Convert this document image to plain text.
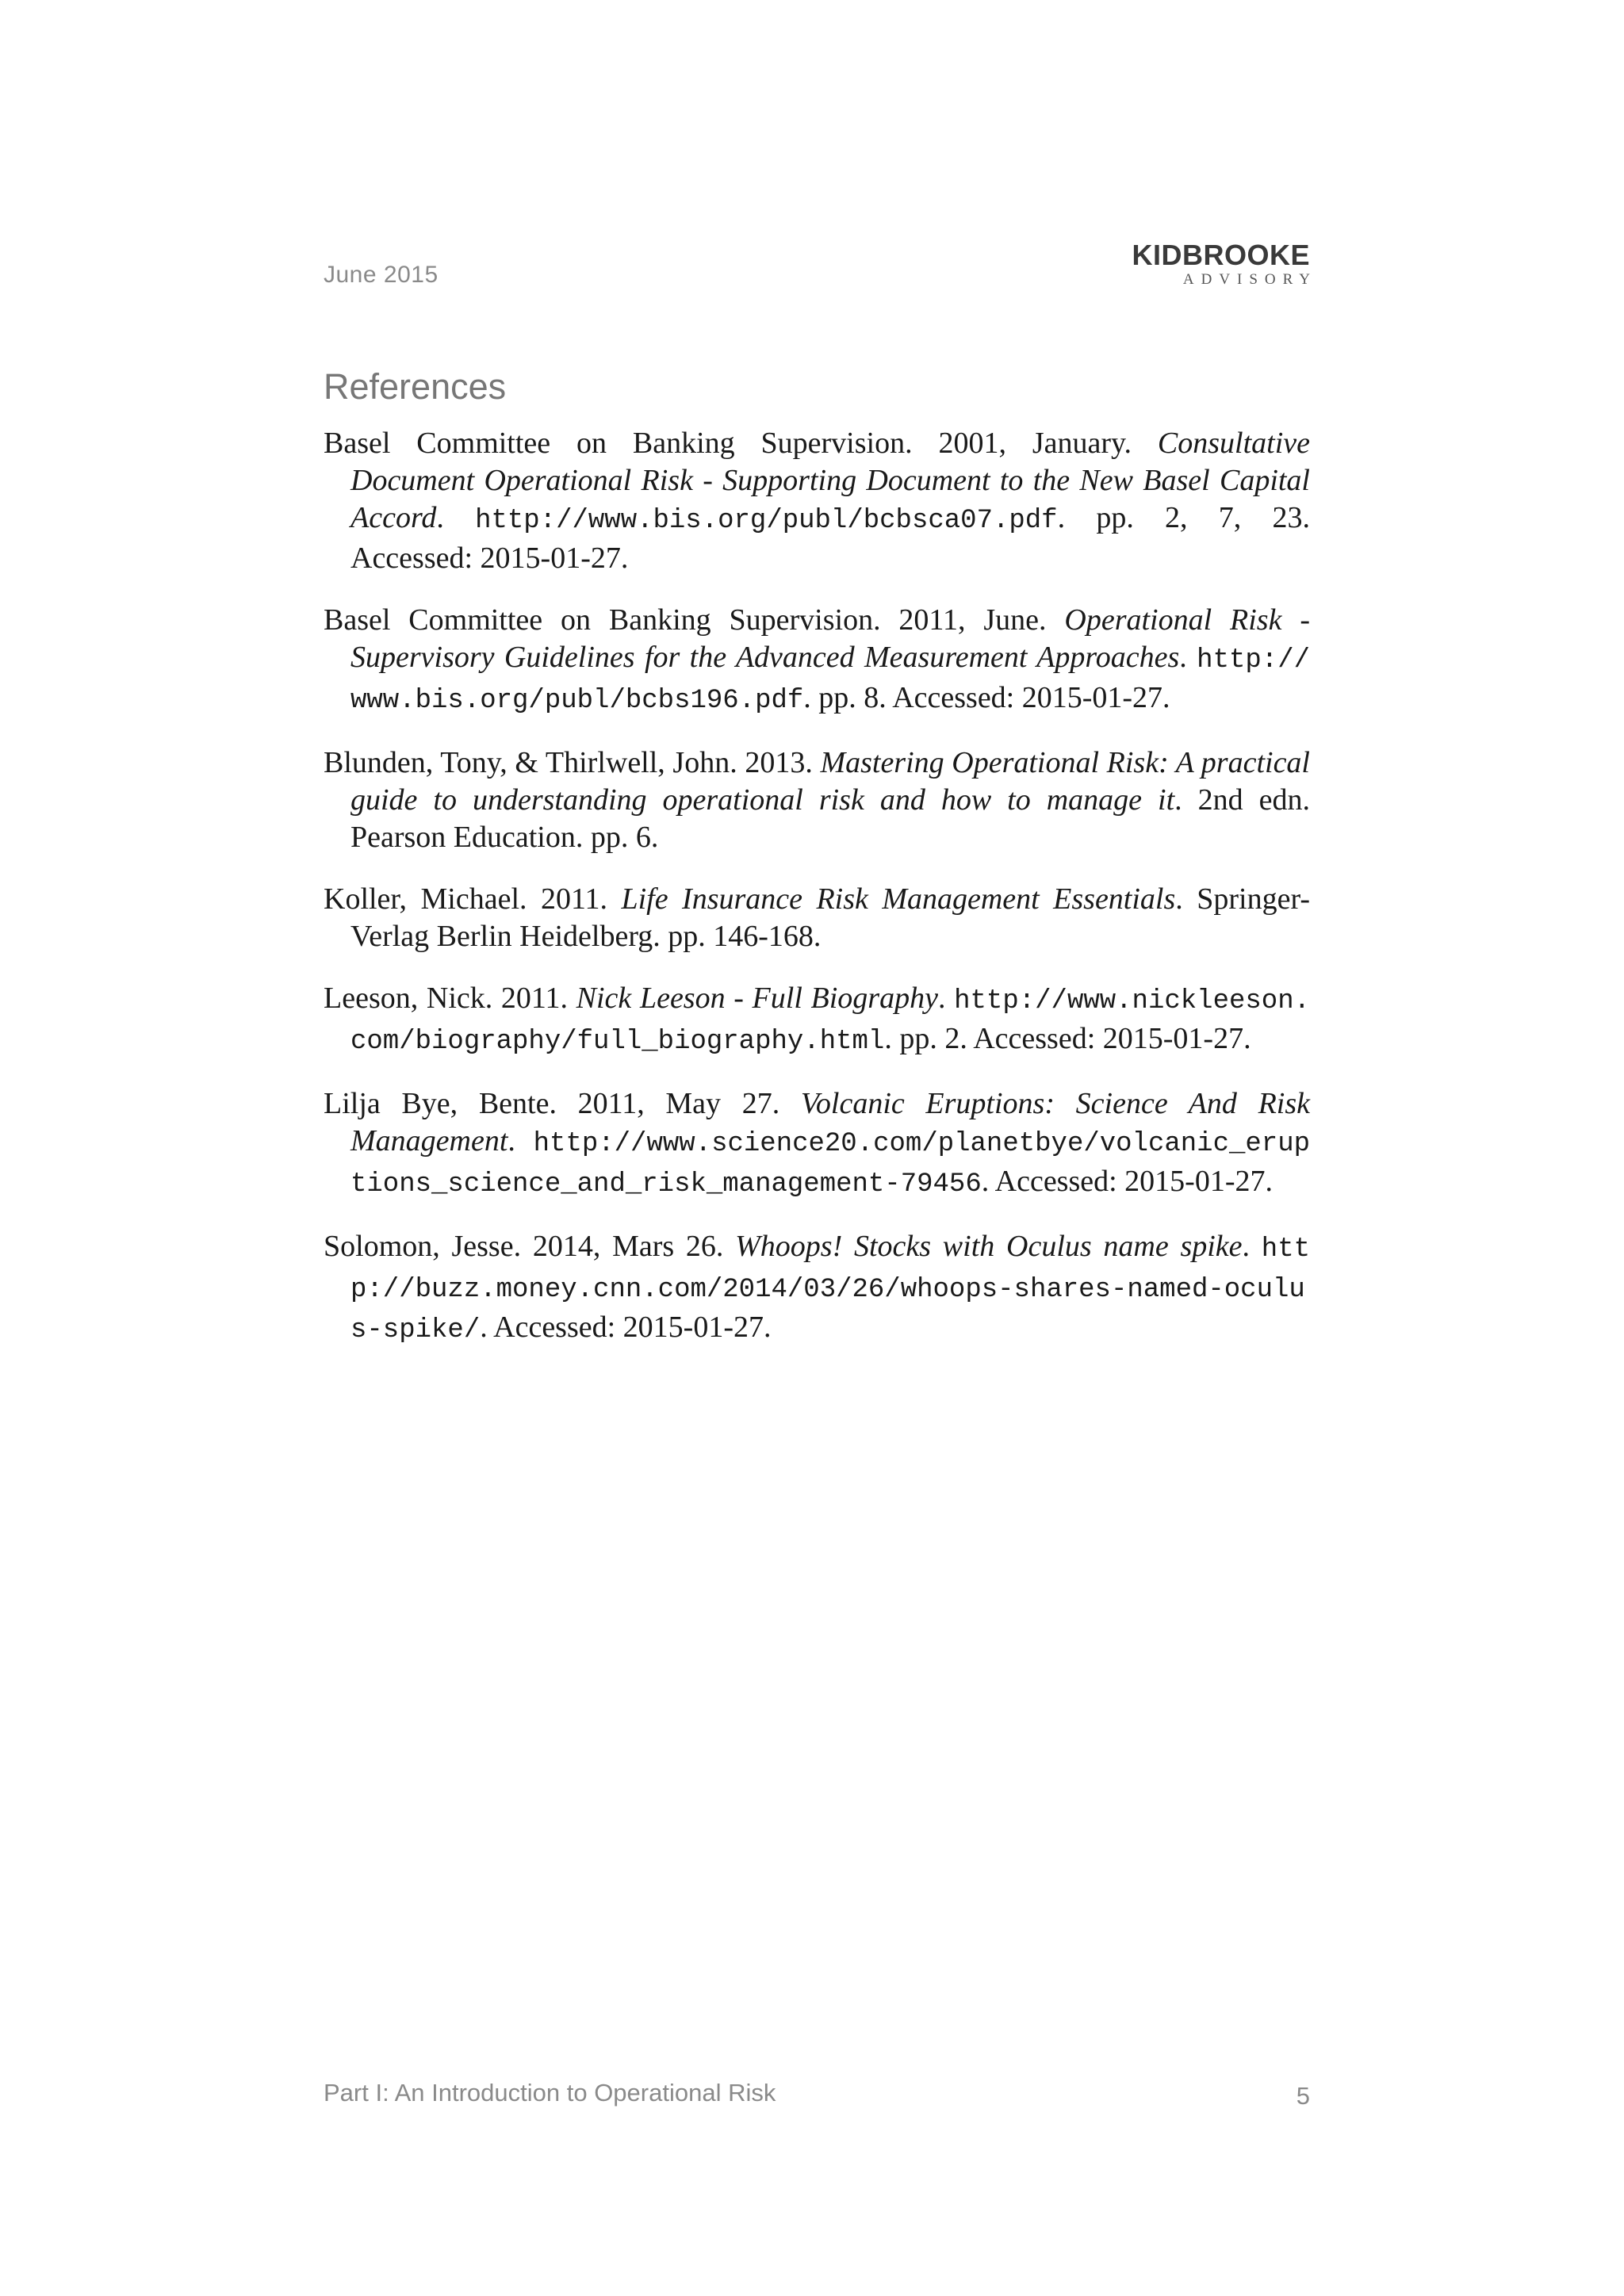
June 2015
KIDBROOKE
ADVISORY
References

Basel Committee on Banking Supervision. 2001, January. Consultative Document Operational Risk - Supporting Document to the New Basel Capital Accord. http://www.bis.org/publ/bcbsca07.pdf. pp. 2, 7, 23. Accessed: 2015-01-27.

Basel Committee on Banking Supervision. 2011, June. Operational Risk - Supervisory Guidelines for the Advanced Measurement Approaches. http://www.bis.org/publ/bcbs196.pdf. pp. 8. Accessed: 2015-01-27.

Blunden, Tony, & Thirlwell, John. 2013. Mastering Operational Risk: A practical guide to understanding operational risk and how to manage it. 2nd edn. Pearson Education. pp. 6.

Koller, Michael. 2011. Life Insurance Risk Management Essentials. Springer-Verlag Berlin Heidelberg. pp. 146-168.

Leeson, Nick. 2011. Nick Leeson - Full Biography. http://www.nickleeson.com/biography/full_biography.html. pp. 2. Accessed: 2015-01-27.

Lilja Bye, Bente. 2011, May 27. Volcanic Eruptions: Science And Risk Management. http://www.science20.com/planetbye/volcanic_eruptions_science_and_risk_management-79456. Accessed: 2015-01-27.

Solomon, Jesse. 2014, Mars 26. Whoops! Stocks with Oculus name spike. http://buzz.money.cnn.com/2014/03/26/whoops-shares-named-oculus-spike/. Accessed: 2015-01-27.

Part I: An Introduction to Operational Risk	5
